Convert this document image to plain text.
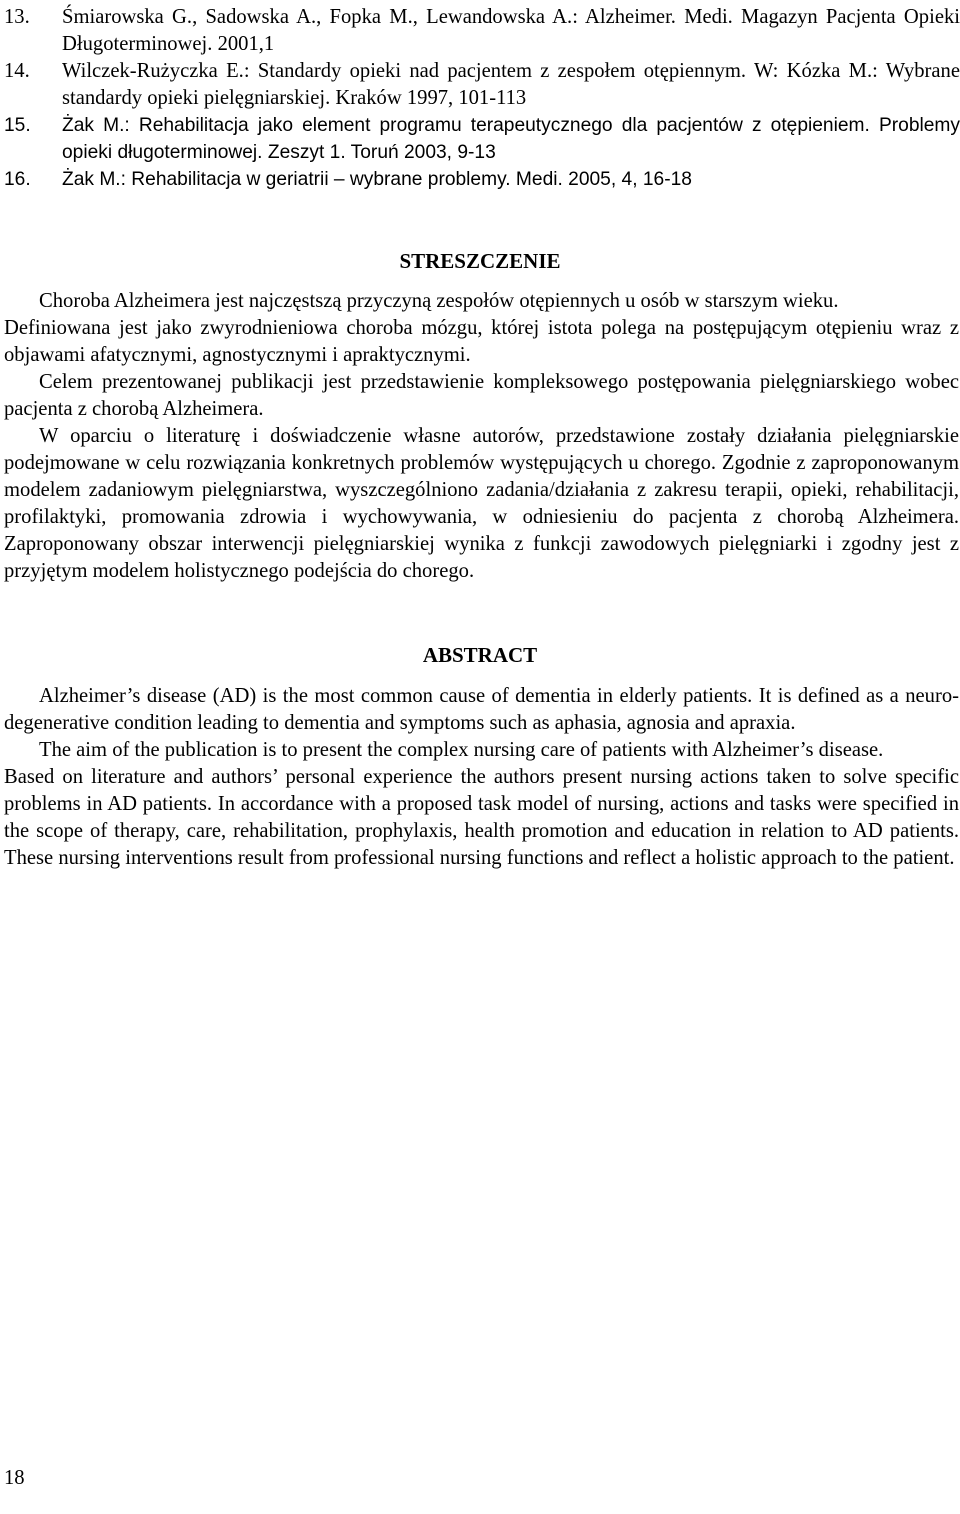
13.	Śmiarowska G., Sadowska A., Fopka M., Lewandowska A.: Alzheimer. Medi. Magazyn Pacjenta Opieki Długoterminowej. 2001,1
14.	Wilczek-Rużyczka E.: Standardy opieki nad pacjentem z zespołem otępiennym. W: Kózka M.: Wybrane standardy opieki pielęgniarskiej. Kraków 1997, 101-113
15.	Żak M.: Rehabilitacja jako element programu terapeutycznego dla pacjentów z otępieniem. Problemy opieki długoterminowej. Zeszyt 1. Toruń 2003, 9-13
16.	Żak M.: Rehabilitacja w geriatrii – wybrane problemy. Medi. 2005, 4, 16-18
STRESZCZENIE

Choroba Alzheimera jest najczęstszą przyczyną zespołów otępiennych u osób w starszym wieku.

Definiowana jest jako zwyrodnieniowa choroba mózgu, której istota polega na postępującym otępieniu wraz z objawami afatycznymi, agnostycznymi i apraktycznymi.

Celem prezentowanej publikacji jest przedstawienie kompleksowego postępowania pielęgniarskiego wobec pacjenta z chorobą Alzheimera.

W oparciu o literaturę i doświadczenie własne autorów, przedstawione zostały działania pielęgniarskie podejmowane w celu rozwiązania konkretnych problemów występujących u chorego. Zgodnie z zaproponowanym modelem zadaniowym pielęgniarstwa, wyszczególniono zadania/działania z zakresu terapii, opieki, rehabilitacji, profilaktyki, promowania zdrowia i wychowywania, w odniesieniu do pacjenta z chorobą Alzheimera. Zaproponowany obszar interwencji pielęgniarskiej wynika z funkcji zawodowych pielęgniarki i zgodny jest z przyjętym modelem holistycznego podejścia do chorego.

ABSTRACT

Alzheimer’s disease (AD) is the most common cause of dementia in elderly patients. It is defined as a neuro-degenerative condition leading to dementia and symptoms such as aphasia, agnosia and apraxia.

The aim of the publication is to present the complex nursing care of patients with Alzheimer’s disease.

Based on literature and authors’ personal experience the authors present nursing actions taken to solve specific problems in AD patients. In accordance with a proposed task model of nursing, actions and tasks were specified in the scope of therapy, care, rehabilitation, prophylaxis, health promotion and education in relation to AD patients. These nursing interventions result from professional nursing functions and reflect a holistic approach to the patient.

18
